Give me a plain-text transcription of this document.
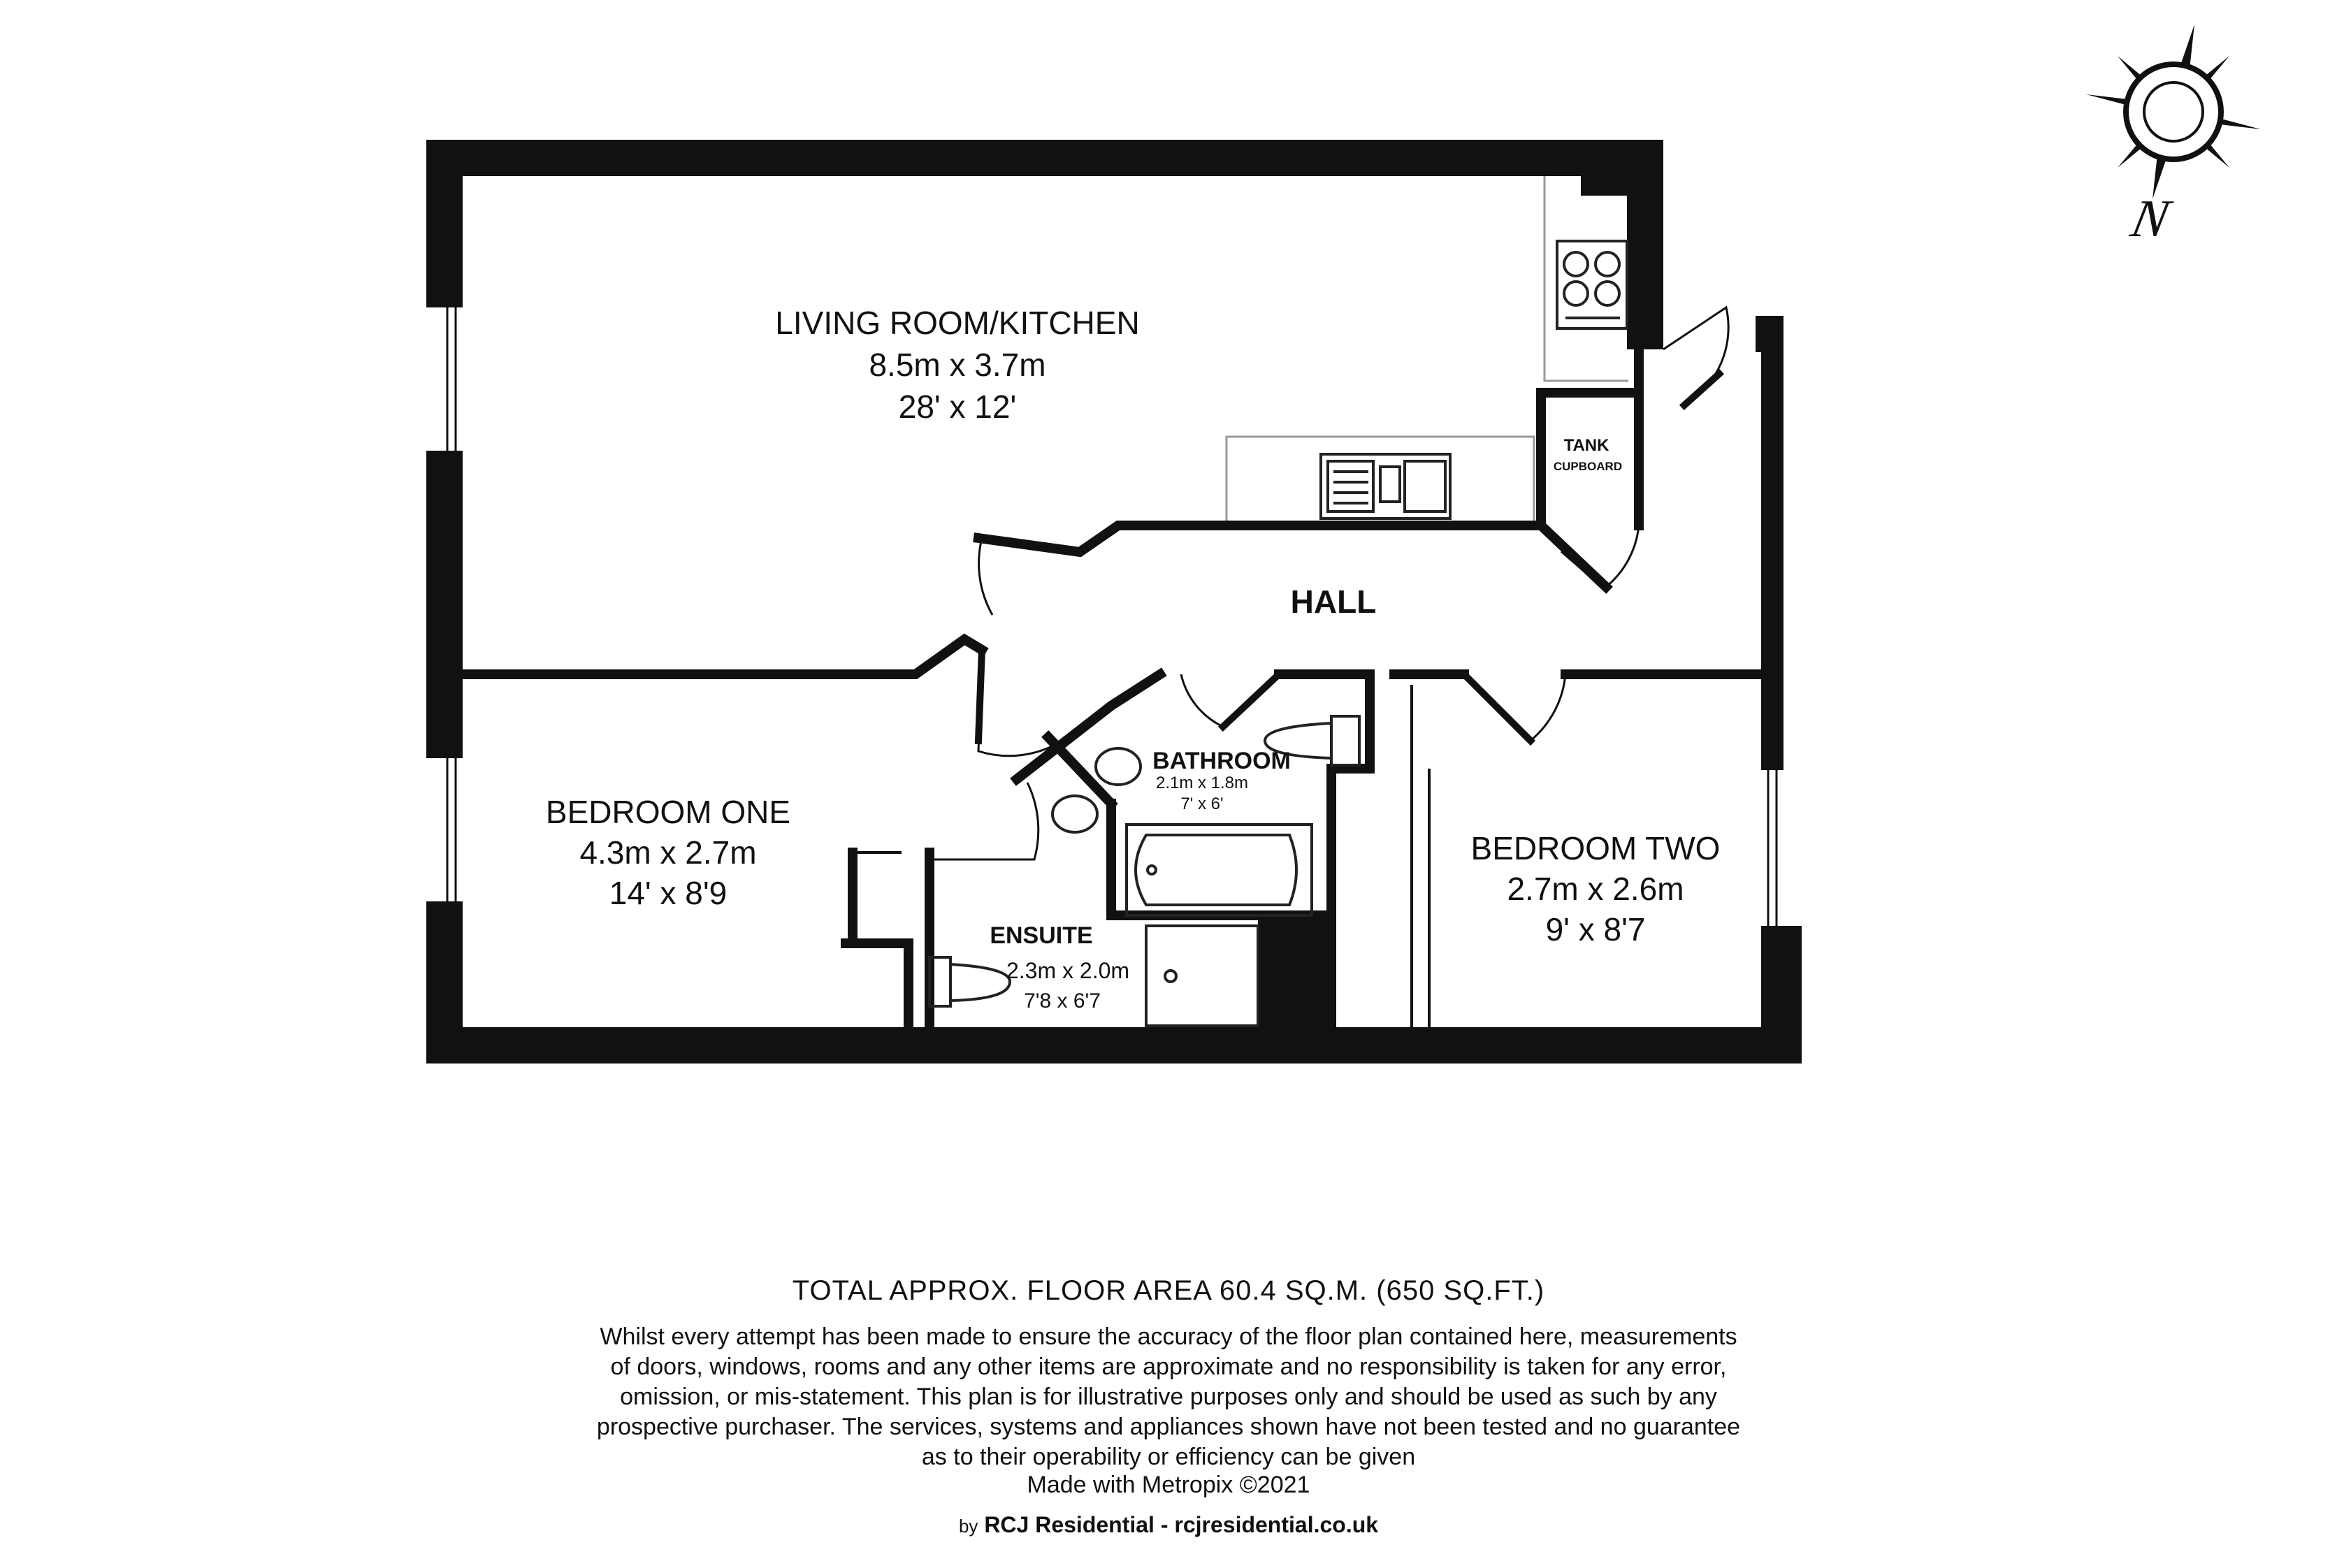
LIVING ROOM/KITCHEN
8.5m x 3.7m
28' x 12'
TANK
CUPBOARD
HALL
BATHROOM
2.1m x 1.8m
7' x 6'
BEDROOM ONE
4.3m x 2.7m
14' x 8'9
ENSUITE
2.3m x 2.0m
7'8 x 6'7
BEDROOM TWO
2.7m x 2.6m
9' x 8'7
N
TOTAL APPROX. FLOOR AREA 60.4 SQ.M. (650 SQ.FT.)
Whilst every attempt has been made to ensure the accuracy of the floor plan contained here, measurements
of doors, windows, rooms and any other items are approximate and no responsibility is taken for any error,
omission, or mis-statement. This plan is for illustrative purposes only and should be used as such by any
prospective purchaser. The services, systems and appliances shown have not been tested and no guarantee
as to their operability or efficiency can be given
Made with Metropix ©2021
by RCJ Residential - rcjresidential.co.uk
